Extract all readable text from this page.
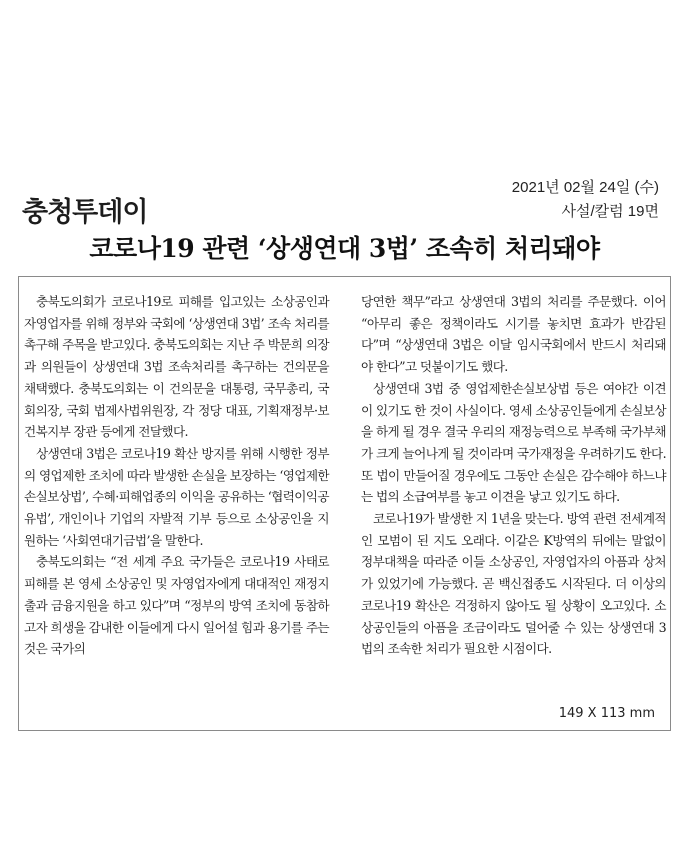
충청투데이
2021년 02월 24일 (수)
사설/칼럼 19면
코로나19 관련 ‘상생연대 3법’ 조속히 처리돼야

충북도의회가 코로나19로 피해를 입고있는 소상공인과 자영업자를 위해 정부와 국회에 ‘상생연대 3법’ 조속 처리를 촉구해 주목을 받고있다. 충북도의회는 지난 주 박문희 의장과 의원들이 상생연대 3법 조속처리를 촉구하는 건의문을 채택했다. 충북도의회는 이 건의문을 대통령, 국무총리, 국회의장, 국회 법제사법위원장, 각 정당 대표, 기획재정부·보건복지부 장관 등에게 전달했다.

상생연대 3법은 코로나19 확산 방지를 위해 시행한 정부의 영업제한 조치에 따라 발생한 손실을 보장하는 ‘영업제한손실보상법’, 수혜·피해업종의 이익을 공유하는 ‘협력이익공유법’, 개인이나 기업의 자발적 기부 등으로 소상공인을 지원하는 ‘사회연대기금법’을 말한다.

충북도의회는 “전 세계 주요 국가들은 코로나19 사태로 피해를 본 영세 소상공인 및 자영업자에게 대대적인 재정지출과 금융지원을 하고 있다”며 “정부의 방역 조치에 동참하고자 희생을 감내한 이들에게 다시 일어설 힘과 용기를 주는 것은 국가의

당연한 책무”라고 상생연대 3법의 처리를 주문했다. 이어 “아무리 좋은 정책이라도 시기를 놓치면 효과가 반감된다”며 “상생연대 3법은 이달 임시국회에서 반드시 처리돼야 한다”고 덧붙이기도 했다.

상생연대 3법 중 영업제한손실보상법 등은 여야간 이견이 있기도 한 것이 사실이다. 영세 소상공인들에게 손실보상을 하게 될 경우 결국 우리의 재정능력으로 부족해 국가부채가 크게 늘어나게 될 것이라며 국가재정을 우려하기도 한다. 또 법이 만들어질 경우에도 그동안 손실은 감수해야 하느냐는 법의 소급여부를 놓고 이견을 낳고 있기도 하다.

코로나19가 발생한 지 1년을 맞는다. 방역 관련 전세계적인 모범이 된 지도 오래다. 이같은 K방역의 뒤에는 말없이 정부대책을 따라준 이들 소상공인, 자영업자의 아픔과 상처가 있었기에 가능했다. 곧 백신접종도 시작된다. 더 이상의 코로나19 확산은 걱정하지 않아도 될 상황이 오고있다. 소상공인들의 아픔을 조금이라도 덜어줄 수 있는 상생연대 3법의 조속한 처리가 필요한 시점이다.

149 X 113 mm
